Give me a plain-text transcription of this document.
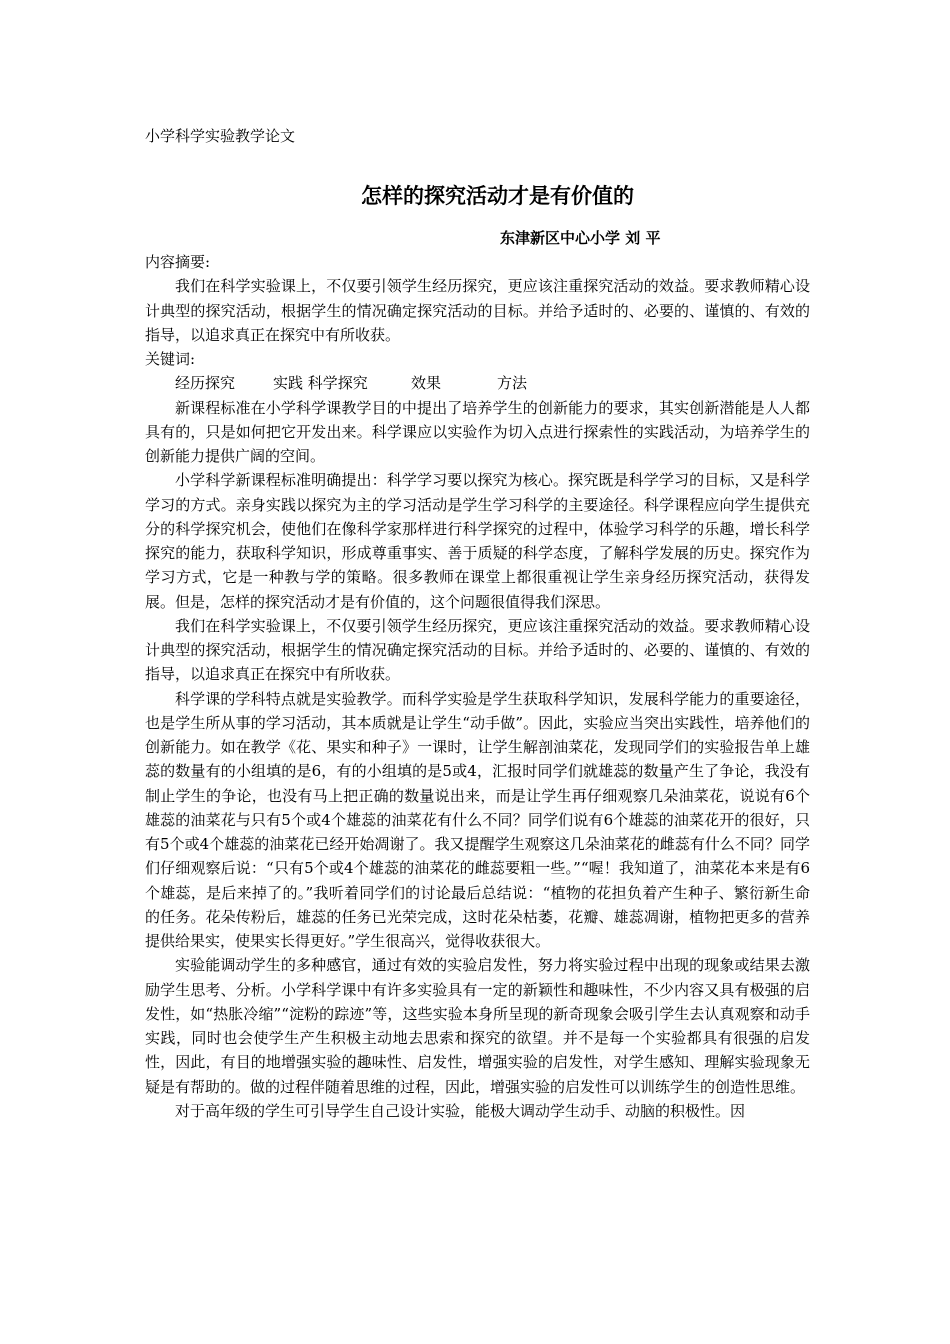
小学科学实验教学论文
怎样的探究活动才是有价值的
东津新区中心小学 刘 平

内容摘要:

我们在科学实验课上，不仅要引领学生经历探究，更应该注重探究活动的效益。要求教师精心设计典型的探究活动，根据学生的情况确定探究活动的目标。并给予适时的、必要的、谨慎的、有效的指导，以追求真正在探究中有所收获。

关键词:

经历探究	实践 科学探究	效果	方法

新课程标准在小学科学课教学目的中提出了培养学生的创新能力的要求，其实创新潜能是人人都具有的，只是如何把它开发出来。科学课应以实验作为切入点进行探索性的实践活动，为培养学生的创新能力提供广阔的空间。

小学科学新课程标准明确提出：科学学习要以探究为核心。探究既是科学学习的目标，又是科学学习的方式。亲身实践以探究为主的学习活动是学生学习科学的主要途径。科学课程应向学生提供充分的科学探究机会，使他们在像科学家那样进行科学探究的过程中，体验学习科学的乐趣，增长科学探究的能力，获取科学知识，形成尊重事实、善于质疑的科学态度，了解科学发展的历史。探究作为学习方式，它是一种教与学的策略。很多教师在课堂上都很重视让学生亲身经历探究活动，获得发展。但是，怎样的探究活动才是有价值的，这个问题很值得我们深思。

我们在科学实验课上，不仅要引领学生经历探究，更应该注重探究活动的效益。要求教师精心设计典型的探究活动，根据学生的情况确定探究活动的目标。并给予适时的、必要的、谨慎的、有效的指导，以追求真正在探究中有所收获。

科学课的学科特点就是实验教学。而科学实验是学生获取科学知识，发展科学能力的重要途径，也是学生所从事的学习活动，其本质就是让学生“动手做”。因此，实验应当突出实践性，培养他们的创新能力。如在教学《花、果实和种子》一课时，让学生解剖油菜花，发现同学们的实验报告单上雄蕊的数量有的小组填的是6，有的小组填的是5或4，汇报时同学们就雄蕊的数量产生了争论，我没有制止学生的争论，也没有马上把正确的数量说出来，而是让学生再仔细观察几朵油菜花，说说有6个雄蕊的油菜花与只有5个或4个雄蕊的油菜花有什么不同？同学们说有6个雄蕊的油菜花开的很好，只有5个或4个雄蕊的油菜花已经开始凋谢了。我又提醒学生观察这几朵油菜花的雌蕊有什么不同？同学们仔细观察后说：“只有5个或4个雄蕊的油菜花的雌蕊要粗一些。”“喔！我知道了，油菜花本来是有6个雄蕊，是后来掉了的。”我听着同学们的讨论最后总结说：“植物的花担负着产生种子、繁衍新生命的任务。花朵传粉后，雄蕊的任务已光荣完成，这时花朵枯萎，花瓣、雄蕊凋谢，植物把更多的营养提供给果实，使果实长得更好。”学生很高兴，觉得收获很大。

实验能调动学生的多种感官，通过有效的实验启发性，努力将实验过程中出现的现象或结果去激励学生思考、分析。小学科学课中有许多实验具有一定的新颖性和趣味性，不少内容又具有极强的启发性，如“热胀冷缩”“淀粉的踪迹”等，这些实验本身所呈现的新奇现象会吸引学生去认真观察和动手实践，同时也会使学生产生积极主动地去思索和探究的欲望。并不是每一个实验都具有很强的启发性，因此，有目的地增强实验的趣味性、启发性，增强实验的启发性，对学生感知、理解实验现象无疑是有帮助的。做的过程伴随着思维的过程，因此，增强实验的启发性可以训练学生的创造性思维。

对于高年级的学生可引导学生自己设计实验，能极大调动学生动手、动脑的积极性。因
